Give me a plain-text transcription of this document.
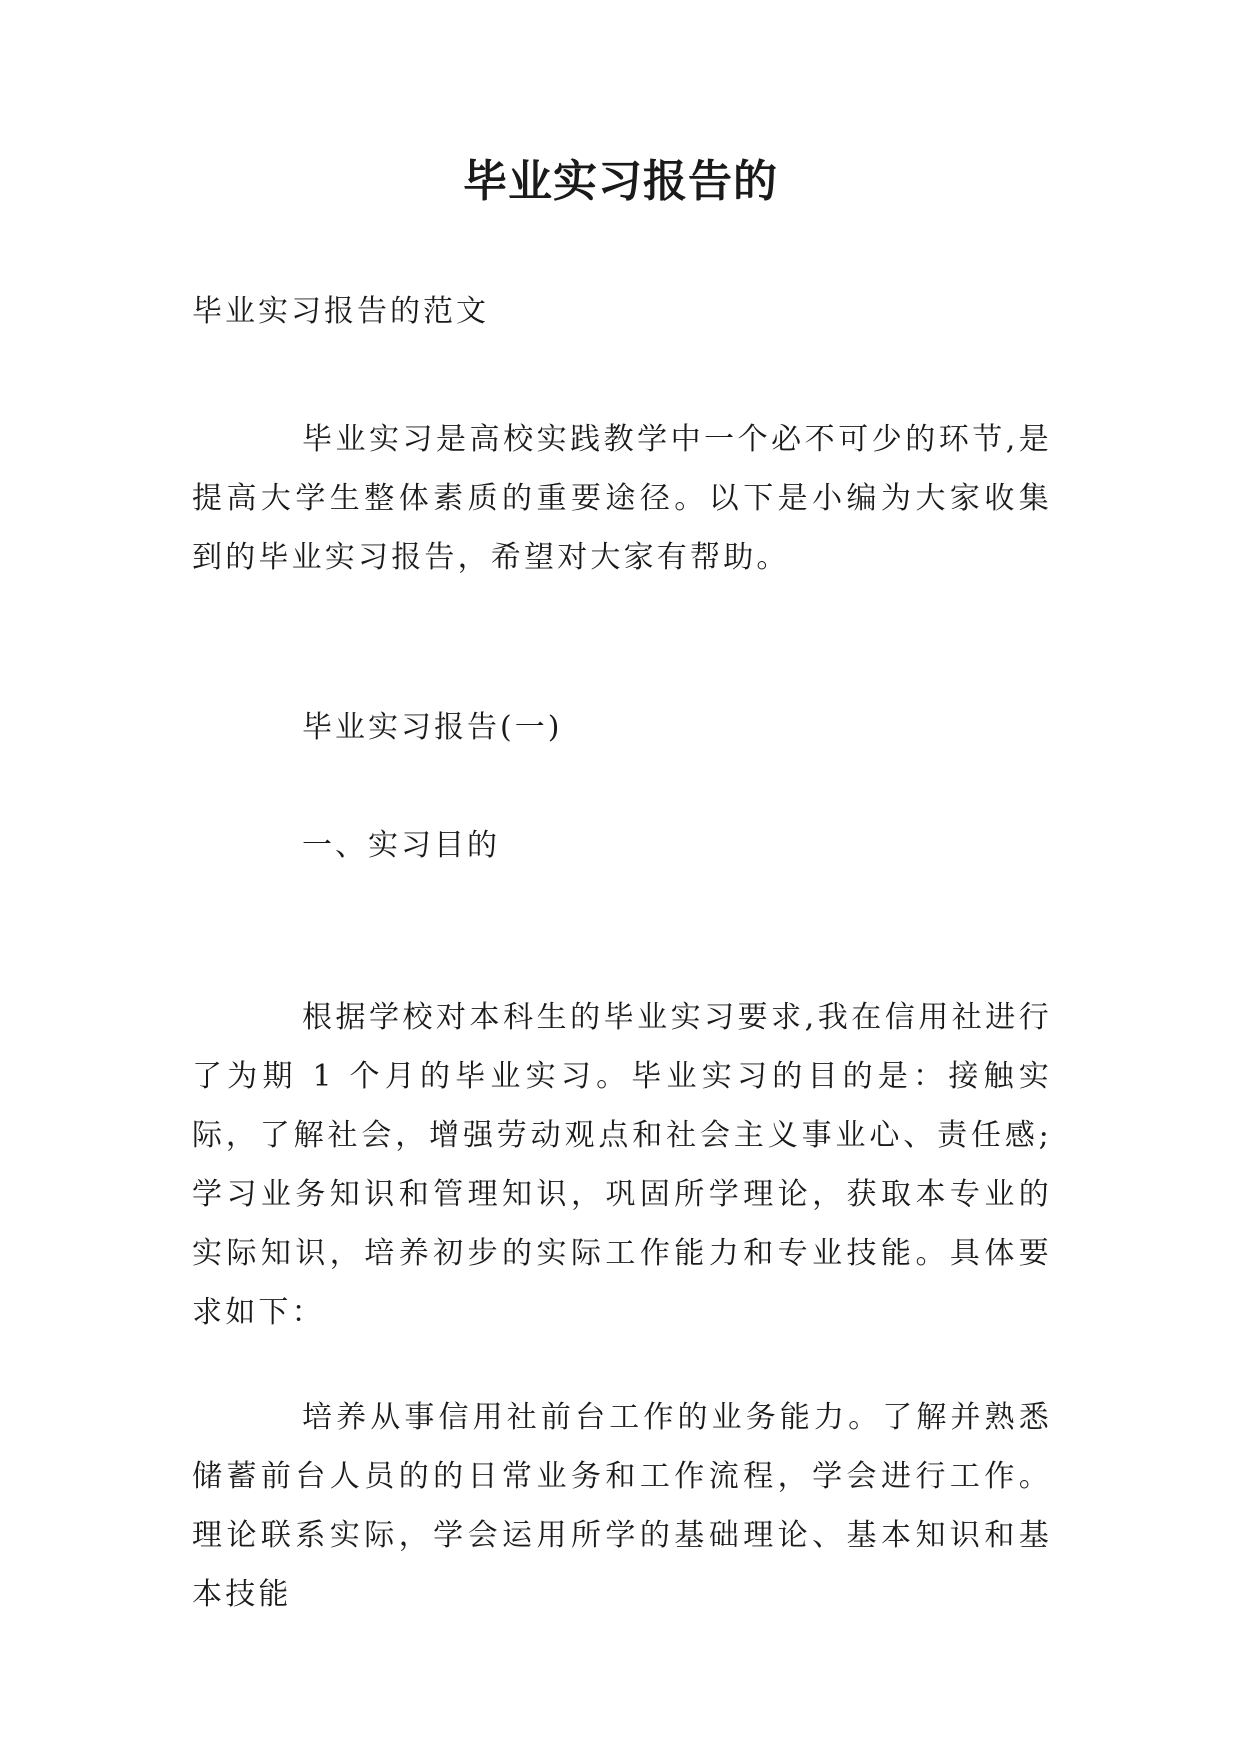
毕业实习报告的

毕业实习报告的范文

毕业实习是高校实践教学中一个必不可少的环节,是提高大学生整体素质的重要途径。以下是小编为大家收集到的毕业实习报告，希望对大家有帮助。

毕业实习报告(一)

一、实习目的

根据学校对本科生的毕业实习要求,我在信用社进行了为期 1 个月的毕业实习。毕业实习的目的是：接触实际，了解社会，增强劳动观点和社会主义事业心、责任感;学习业务知识和管理知识，巩固所学理论，获取本专业的实际知识，培养初步的实际工作能力和专业技能。具体要求如下：

培养从事信用社前台工作的业务能力。了解并熟悉储蓄前台人员的的日常业务和工作流程，学会进行工作。理论联系实际，学会运用所学的基础理论、基本知识和基本技能
